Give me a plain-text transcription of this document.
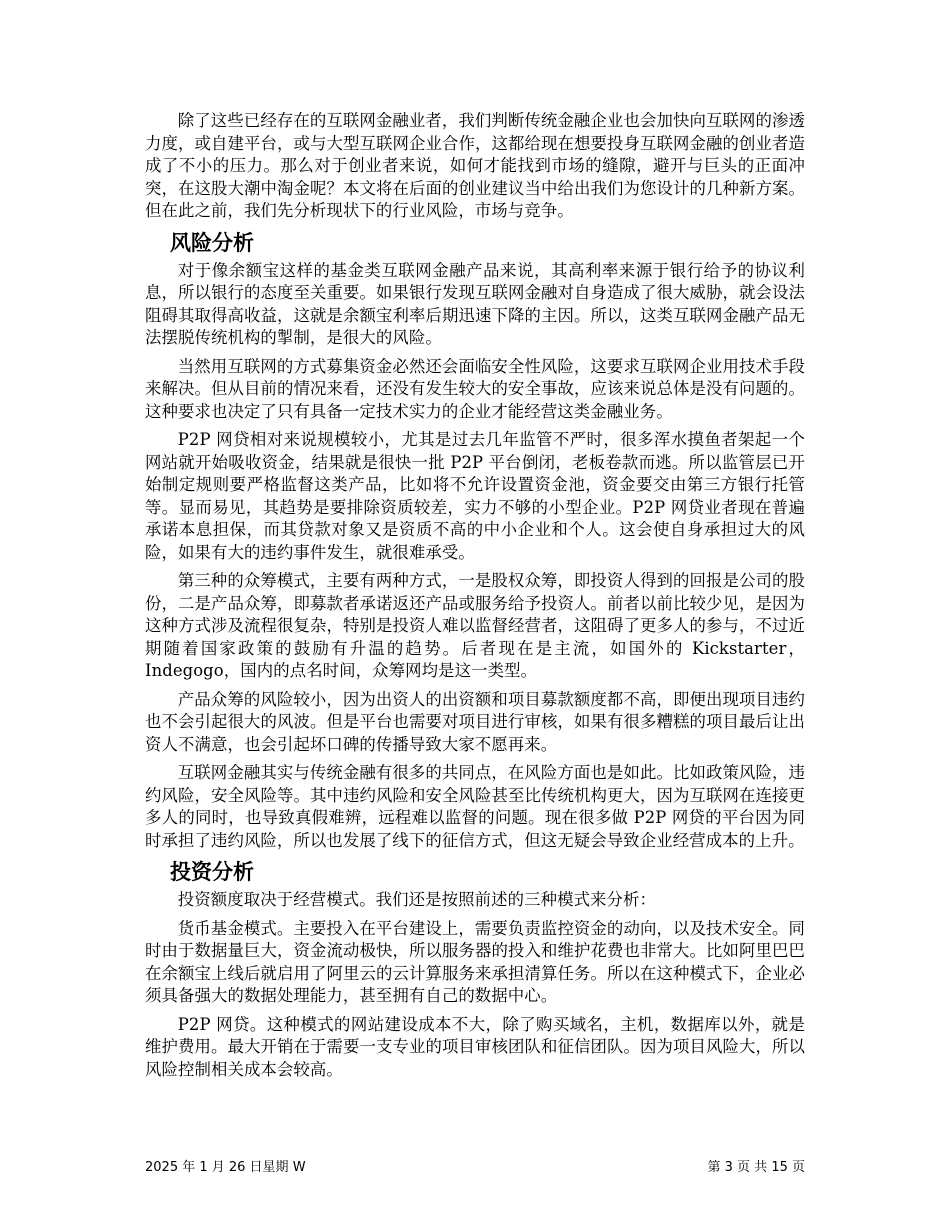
除了这些已经存在的互联网金融业者，我们判断传统金融企业也会加快向互联网的渗透力度，或自建平台，或与大型互联网企业合作，这都给现在想要投身互联网金融的创业者造成了不小的压力。那么对于创业者来说，如何才能找到市场的缝隙，避开与巨头的正面冲突，在这股大潮中淘金呢？本文将在后面的创业建议当中给出我们为您设计的几种新方案。但在此之前，我们先分析现状下的行业风险，市场与竞争。

风险分析

对于像余额宝这样的基金类互联网金融产品来说，其高利率来源于银行给予的协议利息，所以银行的态度至关重要。如果银行发现互联网金融对自身造成了很大威胁，就会设法阻碍其取得高收益，这就是余额宝利率后期迅速下降的主因。所以，这类互联网金融产品无法摆脱传统机构的掣制，是很大的风险。

当然用互联网的方式募集资金必然还会面临安全性风险，这要求互联网企业用技术手段来解决。但从目前的情况来看，还没有发生较大的安全事故，应该来说总体是没有问题的。这种要求也决定了只有具备一定技术实力的企业才能经营这类金融业务。

P2P 网贷相对来说规模较小，尤其是过去几年监管不严时，很多浑水摸鱼者架起一个网站就开始吸收资金，结果就是很快一批 P2P 平台倒闭，老板卷款而逃。所以监管层已开始制定规则要严格监督这类产品，比如将不允许设置资金池，资金要交由第三方银行托管等。显而易见，其趋势是要排除资质较差，实力不够的小型企业。P2P 网贷业者现在普遍承诺本息担保，而其贷款对象又是资质不高的中小企业和个人。这会使自身承担过大的风险，如果有大的违约事件发生，就很难承受。

第三种的众筹模式，主要有两种方式，一是股权众筹，即投资人得到的回报是公司的股份，二是产品众筹，即募款者承诺返还产品或服务给予投资人。前者以前比较少见，是因为这种方式涉及流程很复杂，特别是投资人难以监督经营者，这阻碍了更多人的参与，不过近期随着国家政策的鼓励有升温的趋势。后者现在是主流，如国外的 Kickstarter，Indegogo，国内的点名时间，众筹网均是这一类型。

产品众筹的风险较小，因为出资人的出资额和项目募款额度都不高，即便出现项目违约也不会引起很大的风波。但是平台也需要对项目进行审核，如果有很多糟糕的项目最后让出资人不满意，也会引起坏口碑的传播导致大家不愿再来。

互联网金融其实与传统金融有很多的共同点，在风险方面也是如此。比如政策风险，违约风险，安全风险等。其中违约风险和安全风险甚至比传统机构更大，因为互联网在连接更多人的同时，也导致真假难辨，远程难以监督的问题。现在很多做 P2P 网贷的平台因为同时承担了违约风险，所以也发展了线下的征信方式，但这无疑会导致企业经营成本的上升。

投资分析

投资额度取决于经营模式。我们还是按照前述的三种模式来分析：

货币基金模式。主要投入在平台建设上，需要负责监控资金的动向，以及技术安全。同时由于数据量巨大，资金流动极快，所以服务器的投入和维护花费也非常大。比如阿里巴巴在余额宝上线后就启用了阿里云的云计算服务来承担清算任务。所以在这种模式下，企业必须具备强大的数据处理能力，甚至拥有自己的数据中心。

P2P 网贷。这种模式的网站建设成本不大，除了购买域名，主机，数据库以外，就是维护费用。最大开销在于需要一支专业的项目审核团队和征信团队。因为项目风险大，所以风险控制相关成本会较高。

2025 年 1 月 26 日星期 W	第 3 页 共 15 页
